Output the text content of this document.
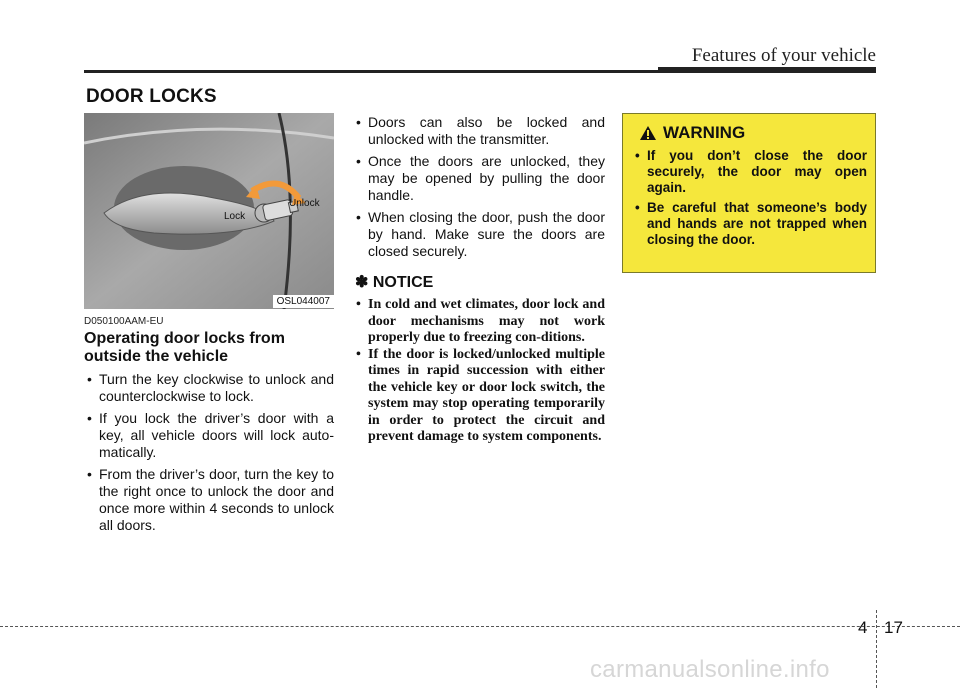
Features of your vehicle
DOOR LOCKS
Lock
Unlock
OSL044007
D050100AAM-EU
Operating door locks from outside the vehicle
• Turn the key clockwise to unlock and counterclockwise to lock.
• If you lock the driver’s door with a key, all vehicle doors will lock auto-matically.
• From the driver’s door, turn the key to the right once to unlock the door and once more within 4 seconds to unlock all doors.
• Doors can also be locked and unlocked with the transmitter.
• Once the doors are unlocked, they may be opened by pulling the door handle.
• When closing the door, push the door by hand. Make sure the doors are closed securely.
✽ NOTICE
• In cold and wet climates, door lock and door mechanisms may not work properly due to freezing con-ditions.
• If the door is locked/unlocked multiple times in rapid succession with either the vehicle key or door lock switch, the system may stop operating temporarily in order to protect the circuit and prevent damage to system components.
WARNING
• If you don’t close the door securely, the door may open again.
• Be careful that someone’s body and hands are not trapped when closing the door.
4 17
carmanualsonline.info
